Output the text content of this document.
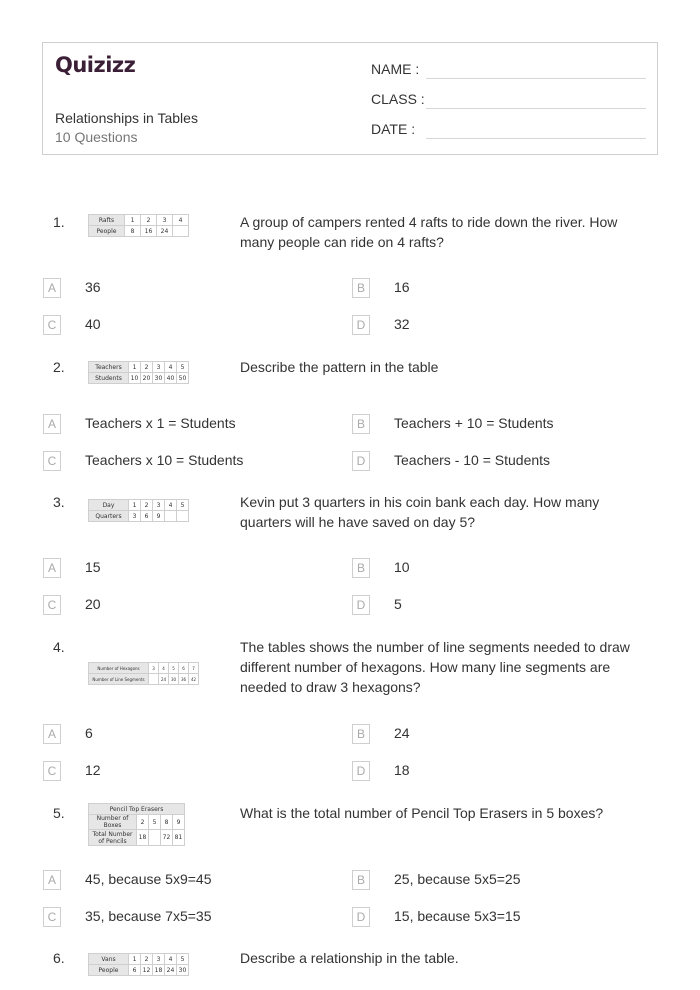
Quizizz
Relationships in Tables
10 Questions
NAME :
CLASS :
DATE :
1.	A group of campers rented 4 rafts to ride down the river. How many people can ride on 4 rafts?
Rafts	1	2	3	4
People	8	16	24	
A	36	B	16
C	40	D	32
2.	Describe the pattern in the table
Teachers	1	2	3	4	5
Students	10	20	30	40	50
A	Teachers x 1 = Students	B	Teachers + 10 = Students
C	Teachers x 10 = Students	D	Teachers - 10 = Students
3.	Kevin put 3 quarters in his coin bank each day. How many quarters will he have saved on day 5?
Day	1	2	3	4	5
Quarters	3	6	9		
A	15	B	10
C	20	D	5
4.	The tables shows the number of line segments needed to draw different number of hexagons. How many line segments are needed to draw 3 hexagons?
Number of Hexagons	3	4	5	6	7
Number of Line Segments		24	30	36	42
A	6	B	24
C	12	D	18
5.	What is the total number of Pencil Top Erasers in 5 boxes?
Pencil Top Erasers				
Number of Boxes	2	5	8	9
Total Number of Pencils	18		72	81
A	45, because 5x9=45	B	25, because 5x5=25
C	35, because 7x5=35	D	15, because 5x3=15
6.	Describe a relationship in the table.
Vans	1	2	3	4	5
People	6	12	18	24	30
